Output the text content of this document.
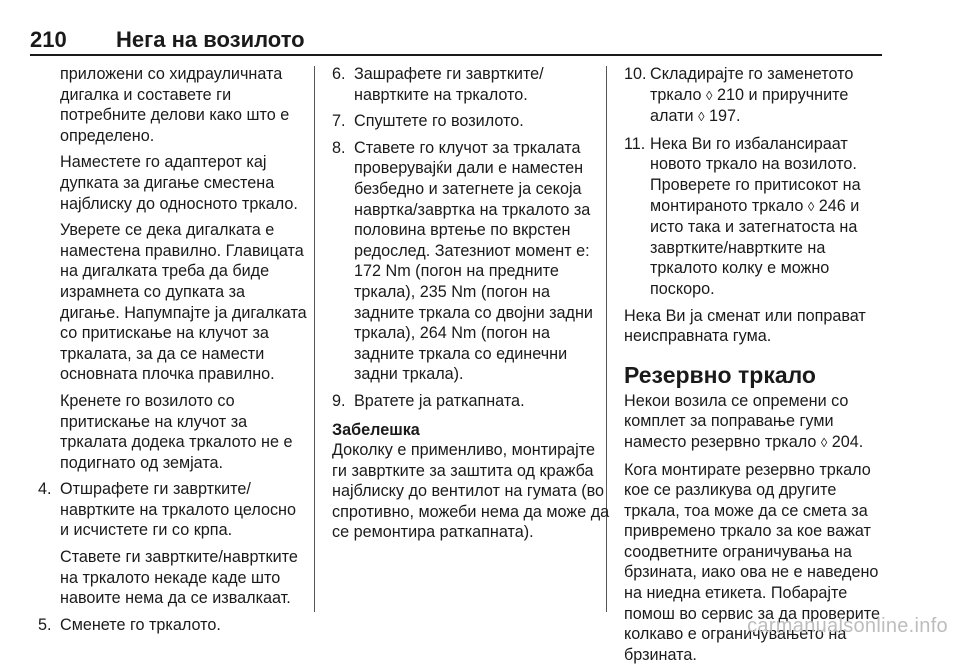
210 Нега на возилото

приложени со хидрауличната дигалка и составете ги потребните делови како што е определено.

Наместете го адаптерот кај дупката за дигање сместена најблиску до односното тркало.

Уверете се дека дигалката е наместена правилно. Главицата на дигалката треба да биде израмнета со дупката за дигање. Напумпајте ја дигалката со притискање на клучот за тркалата, за да се намести основната плочка правилно.

Кренете го возилото со притискање на клучот за тркалата додека тркалото не е подигнато од земјата.

4. Отшрафете ги завртките/ навртките на тркалото целосно и исчистете ги со крпа.

Ставете ги завртките/навртките на тркалото некаде каде што навоите нема да се извалкаат.

5. Сменете го тркалото.

6. Зашрафете ги завртките/ навртките на тркалото.

7. Спуштете го возилото.

8. Ставете го клучот за тркалата проверувајќи дали е наместен безбедно и затегнете ја секоја навртка/завртка на тркалото за половина вртење по вкрстен редослед. Затезниот момент е: 172 Nm (погон на предните тркала), 235 Nm (погон на задните тркала со двојни задни тркала), 264 Nm (погон на задните тркала со единечни задни тркала).

9. Вратете ја раткапната.

Забелешка

Доколку е применливо, монтирајте ги завртките за заштита од кражба најблиску до вентилот на гумата (во спротивно, можеби нема да може да се ремонтира раткапната).

10. Складирајте го заменетото тркало ◊ 210 и приручните алати ◊ 197.

11. Нека Ви го избалансираат новото тркало на возилото. Проверете го притисокот на монтираното тркало ◊ 246 и исто така и затегнатоста на завртките/навртките на тркалото колку е можно поскоро.

Нека Ви ја сменат или поправат неисправната гума.

Резервно тркало

Некои возила се опремени со комплет за поправање гуми наместо резервно тркало ◊ 204.

Кога монтирате резервно тркало кое се разликува од другите тркала, тоа може да се смета за привремено тркало за кое важат соодветните ограничувања на брзината, иако ова не е наведено на ниедна етикета. Побарајте помош во сервис за да проверите колкаво е ограничувањето на брзината.

carmanualsonline.info
